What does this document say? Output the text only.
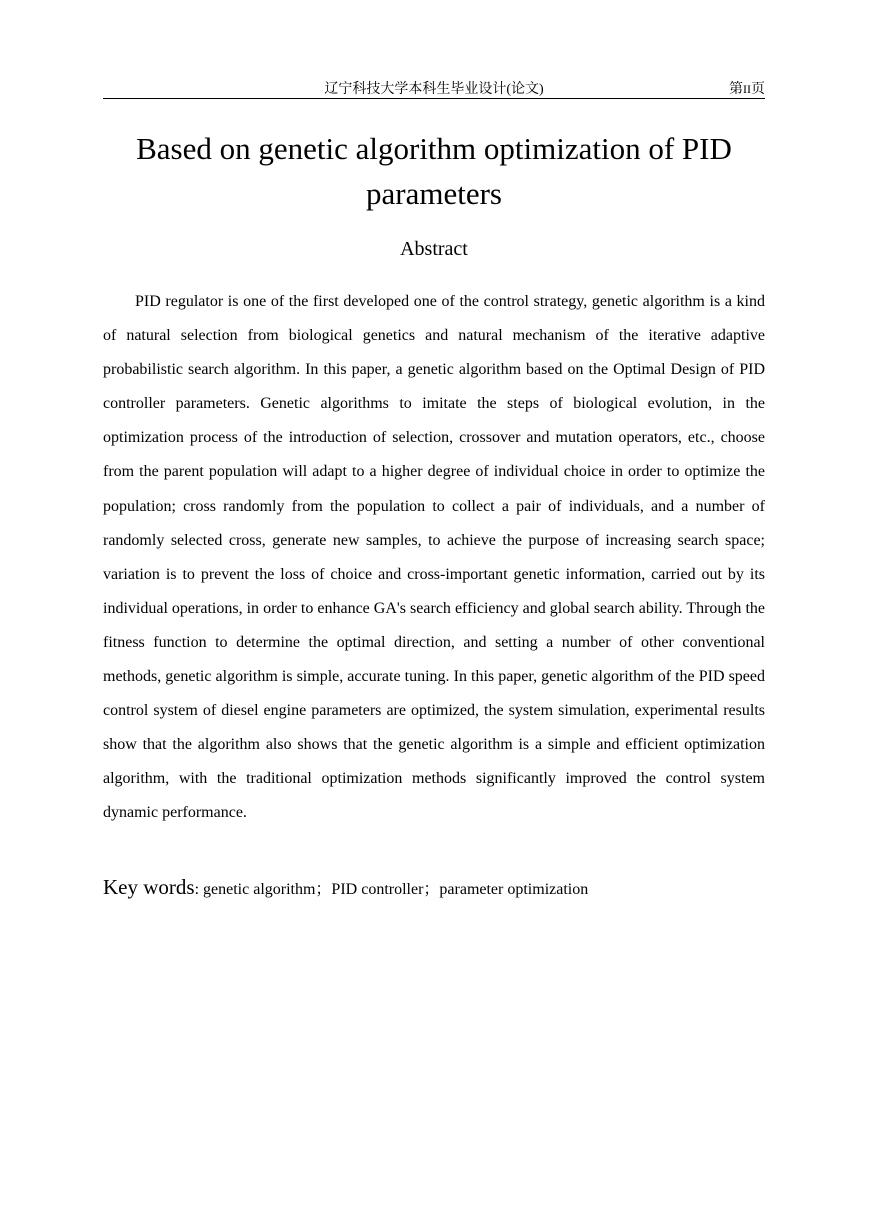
辽宁科技大学本科生毕业设计(论文)	第II页
Based on genetic algorithm optimization of PID parameters
Abstract

PID regulator is one of the first developed one of the control strategy, genetic algorithm is a kind of natural selection from biological genetics and natural mechanism of the iterative adaptive probabilistic search algorithm. In this paper, a genetic algorithm based on the Optimal Design of PID controller parameters. Genetic algorithms to imitate the steps of biological evolution, in the optimization process of the introduction of selection, crossover and mutation operators, etc., choose from the parent population will adapt to a higher degree of individual choice in order to optimize the population; cross randomly from the population to collect a pair of individuals, and a number of randomly selected cross, generate new samples, to achieve the purpose of increasing search space; variation is to prevent the loss of choice and cross-important genetic information, carried out by its individual operations, in order to enhance GA's search efficiency and global search ability. Through the fitness function to determine the optimal direction, and setting a number of other conventional methods, genetic algorithm is simple, accurate tuning. In this paper, genetic algorithm of the PID speed control system of diesel engine parameters are optimized, the system simulation, experimental results show that the algorithm also shows that the genetic algorithm is a simple and efficient optimization algorithm, with the traditional optimization methods significantly improved the control system dynamic performance.

Key words: genetic algorithm；PID controller；parameter optimization
